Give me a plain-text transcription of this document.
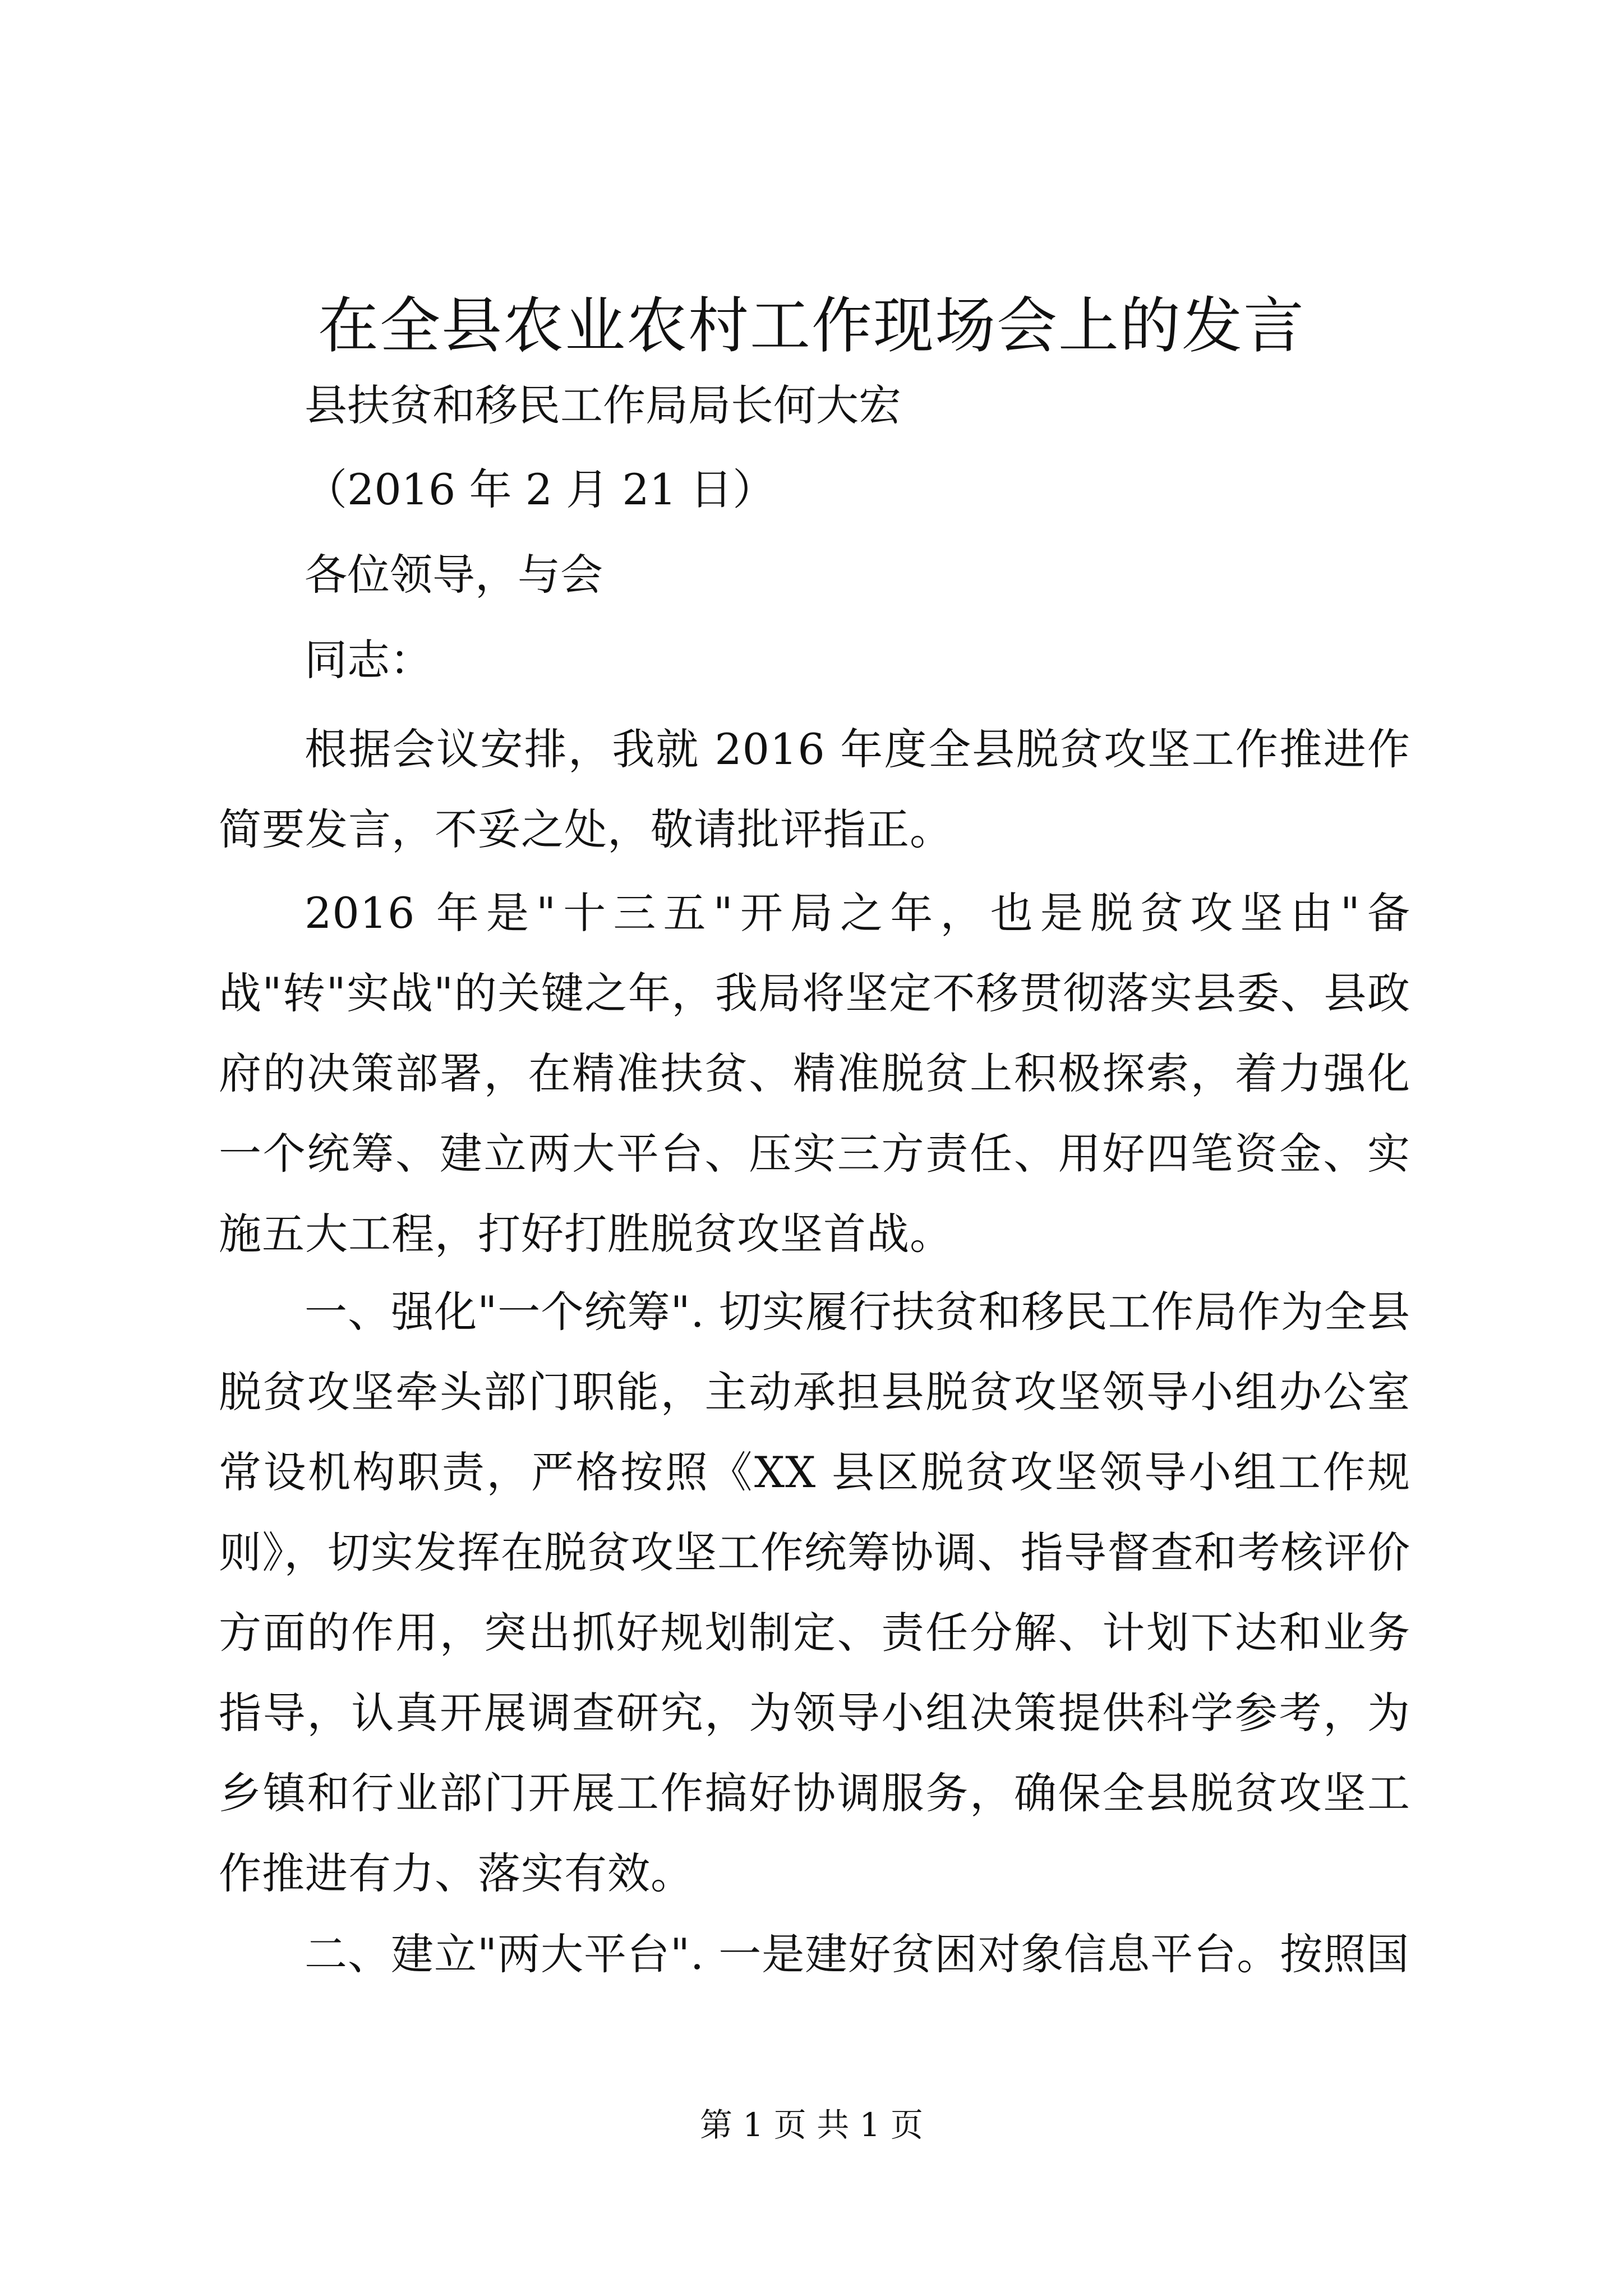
在全县农业农村工作现场会上的发言
县扶贫和移民工作局局长何大宏
（2016 年 2 月 21 日）
各位领导，与会
同志：

根据会议安排，我就 2016 年度全县脱贫攻坚工作推进作简要发言，不妥之处，敬请批评指正。

2016 年是"十三五"开局之年，也是脱贫攻坚由"备战"转"实战"的关键之年，我局将坚定不移贯彻落实县委、县政府的决策部署，在精准扶贫、精准脱贫上积极探索，着力强化一个统筹、建立两大平台、压实三方责任、用好四笔资金、实施五大工程，打好打胜脱贫攻坚首战。

一、强化"一个统筹". 切实履行扶贫和移民工作局作为全县脱贫攻坚牵头部门职能，主动承担县脱贫攻坚领导小组办公室常设机构职责，严格按照《XX 县区脱贫攻坚领导小组工作规则》，切实发挥在脱贫攻坚工作统筹协调、指导督查和考核评价方面的作用，突出抓好规划制定、责任分解、计划下达和业务指导，认真开展调查研究，为领导小组决策提供科学参考，为乡镇和行业部门开展工作搞好协调服务，确保全县脱贫攻坚工作推进有力、落实有效。

二、建立"两大平台". 一是建好贫困对象信息平台。按照国

第 1 页 共 1 页
